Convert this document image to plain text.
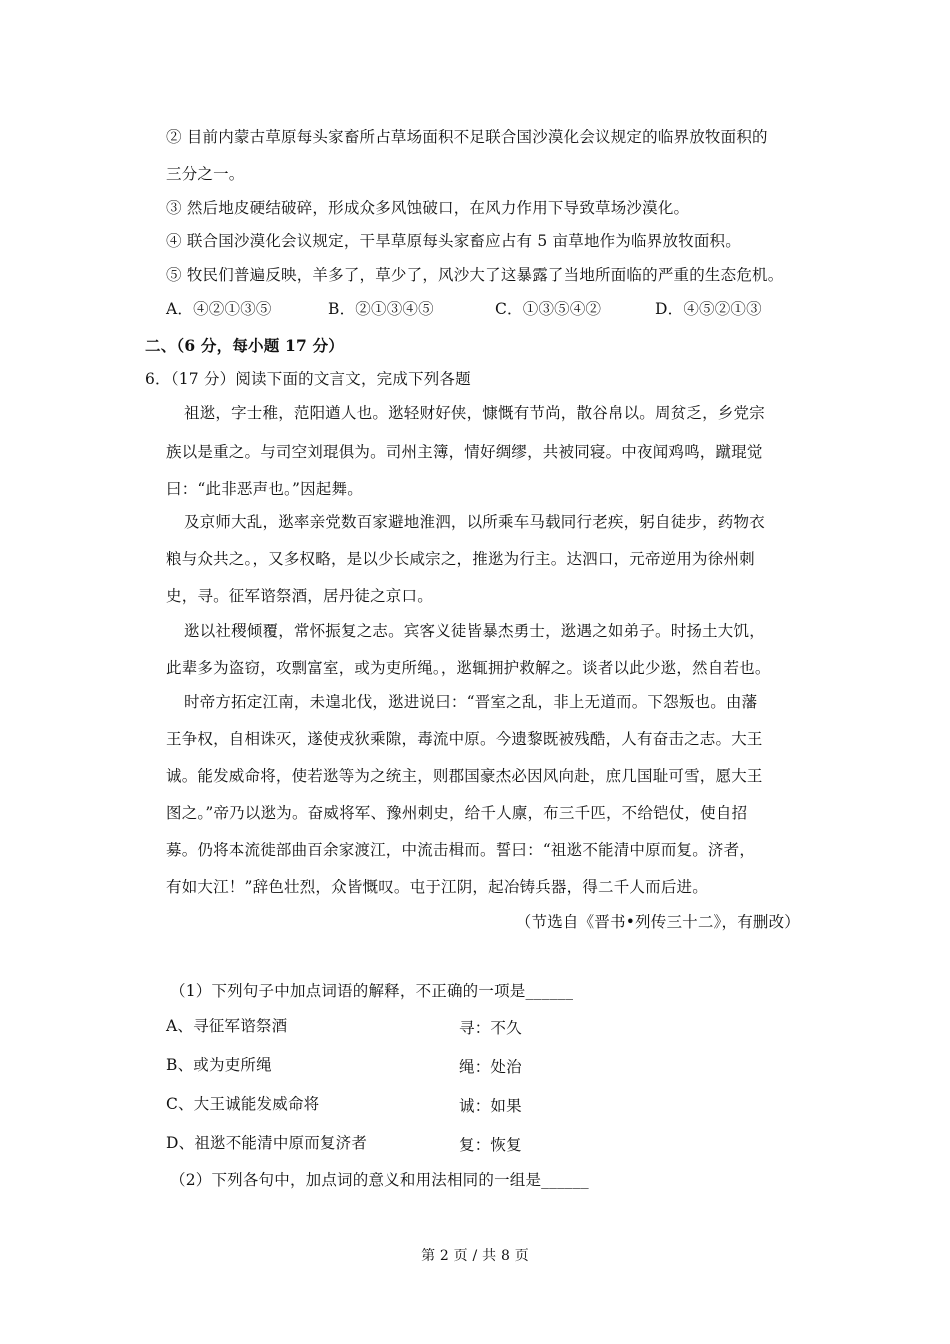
② 目前内蒙古草原每头家畜所占草场面积不足联合国沙漠化会议规定的临界放牧面积的
三分之一。
③ 然后地皮硬结破碎，形成众多风蚀破口，在风力作用下导致草场沙漠化。
④ 联合国沙漠化会议规定，干旱草原每头家畜应占有 5 亩草地作为临界放牧面积。
⑤ 牧民们普遍反映，羊多了，草少了，风沙大了这暴露了当地所面临的严重的生态危机。
A．④②①③⑤	B．②①③④⑤	C．①③⑤④②	D．④⑤②①③
二、（6 分，每小题 17 分）
6．（17 分）阅读下面的文言文，完成下列各题
祖逖，字士稚，范阳遒人也。逖轻财好侠，慷慨有节尚，散谷帛以。周贫乏，乡党宗
族以是重之。与司空刘琨俱为。司州主簿，情好绸缪，共被同寝。中夜闻鸡鸣，蹴琨觉
曰：“此非恶声也。”因起舞。
及京师大乱，逖率亲党数百家避地淮泗，以所乘车马载同行老疾，躬自徒步，药物衣
粮与众共之。，又多权略，是以少长咸宗之，推逖为行主。达泗口，元帝逆用为徐州刺
史，寻。征军谘祭酒，居丹徒之京口。
逖以社稷倾覆，常怀振复之志。宾客义徒皆暴杰勇士，逖遇之如弟子。时扬土大饥，
此辈多为盗窃，攻剽富室，或为吏所绳。，逖辄拥护救解之。谈者以此少逖，然自若也。
时帝方拓定江南，未遑北伐，逖进说曰：“晋室之乱，非上无道而。下怨叛也。由藩
王争权，自相诛灭，遂使戎狄乘隙，毒流中原。今遗黎既被残酷，人有奋击之志。大王
诚。能发威命将，使若逖等为之统主，则郡国豪杰必因风向赴，庶几国耻可雪，愿大王
图之。”帝乃以逖为。奋威将军、豫州刺史，给千人廪，布三千匹，不给铠仗，使自招
募。仍将本流徙部曲百余家渡江，中流击楫而。誓曰：“祖逖不能清中原而复。济者，
有如大江！”辞色壮烈，众皆慨叹。屯于江阴，起冶铸兵器，得二千人而后进。
（节选自《晋书•列传三十二》，有删改）
（1）下列句子中加点词语的解释，不正确的一项是______
A、寻征军谘祭酒	寻：不久
B、或为吏所绳	绳：处治
C、大王诚能发威命将	诚：如果
D、祖逖不能清中原而复济者	复：恢复
（2）下列各句中，加点词的意义和用法相同的一组是______
第 2 页 / 共 8 页
